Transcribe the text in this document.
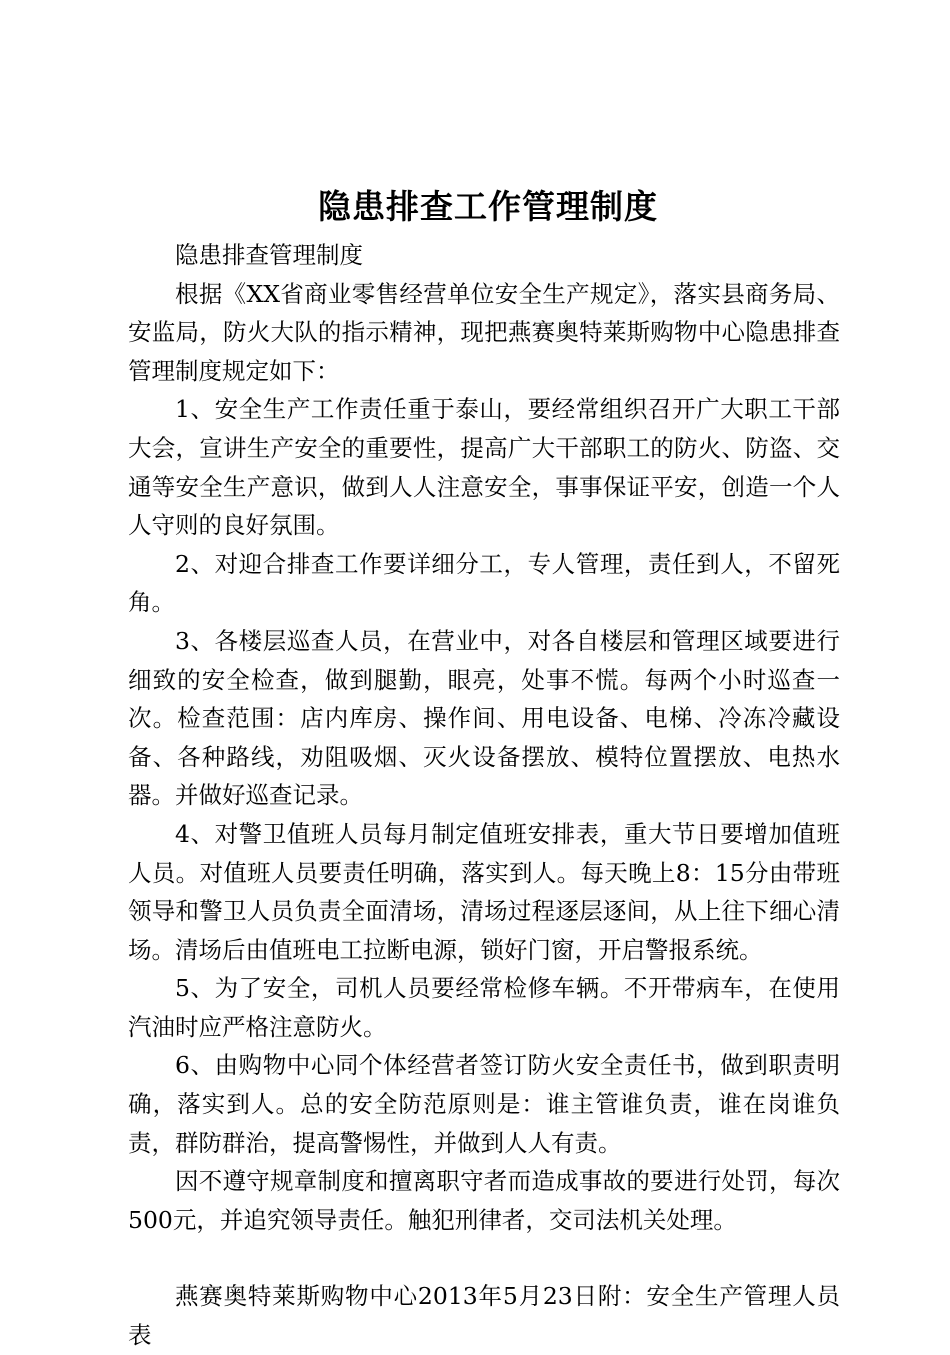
隐患排查工作管理制度

隐患排查管理制度

根据《XX省商业零售经营单位安全生产规定》，落实县商务局、安监局，防火大队的指示精神，现把燕赛奥特莱斯购物中心隐患排查管理制度规定如下：

1、安全生产工作责任重于泰山，要经常组织召开广大职工干部大会，宣讲生产安全的重要性，提高广大干部职工的防火、防盗、交通等安全生产意识，做到人人注意安全，事事保证平安，创造一个人人守则的良好氛围。

2、对迎合排查工作要详细分工，专人管理，责任到人，不留死角。

3、各楼层巡查人员，在营业中，对各自楼层和管理区域要进行细致的安全检查，做到腿勤，眼亮，处事不慌。每两个小时巡查一次。检查范围：店内库房、操作间、用电设备、电梯、冷冻冷藏设备、各种路线，劝阻吸烟、灭火设备摆放、模特位置摆放、电热水器。并做好巡查记录。

4、对警卫值班人员每月制定值班安排表，重大节日要增加值班人员。对值班人员要责任明确，落实到人。每天晚上8：15分由带班领导和警卫人员负责全面清场，清场过程逐层逐间，从上往下细心清场。清场后由值班电工拉断电源，锁好门窗，开启警报系统。

5、为了安全，司机人员要经常检修车辆。不开带病车，在使用汽油时应严格注意防火。

6、由购物中心同个体经营者签订防火安全责任书，做到职责明确，落实到人。总的安全防范原则是：谁主管谁负责，谁在岗谁负责，群防群治，提高警惕性，并做到人人有责。

因不遵守规章制度和擅离职守者而造成事故的要进行处罚，每次500元，并追究领导责任。触犯刑律者，交司法机关处理。

燕赛奥特莱斯购物中心2013年5月23日附：安全生产管理人员表
